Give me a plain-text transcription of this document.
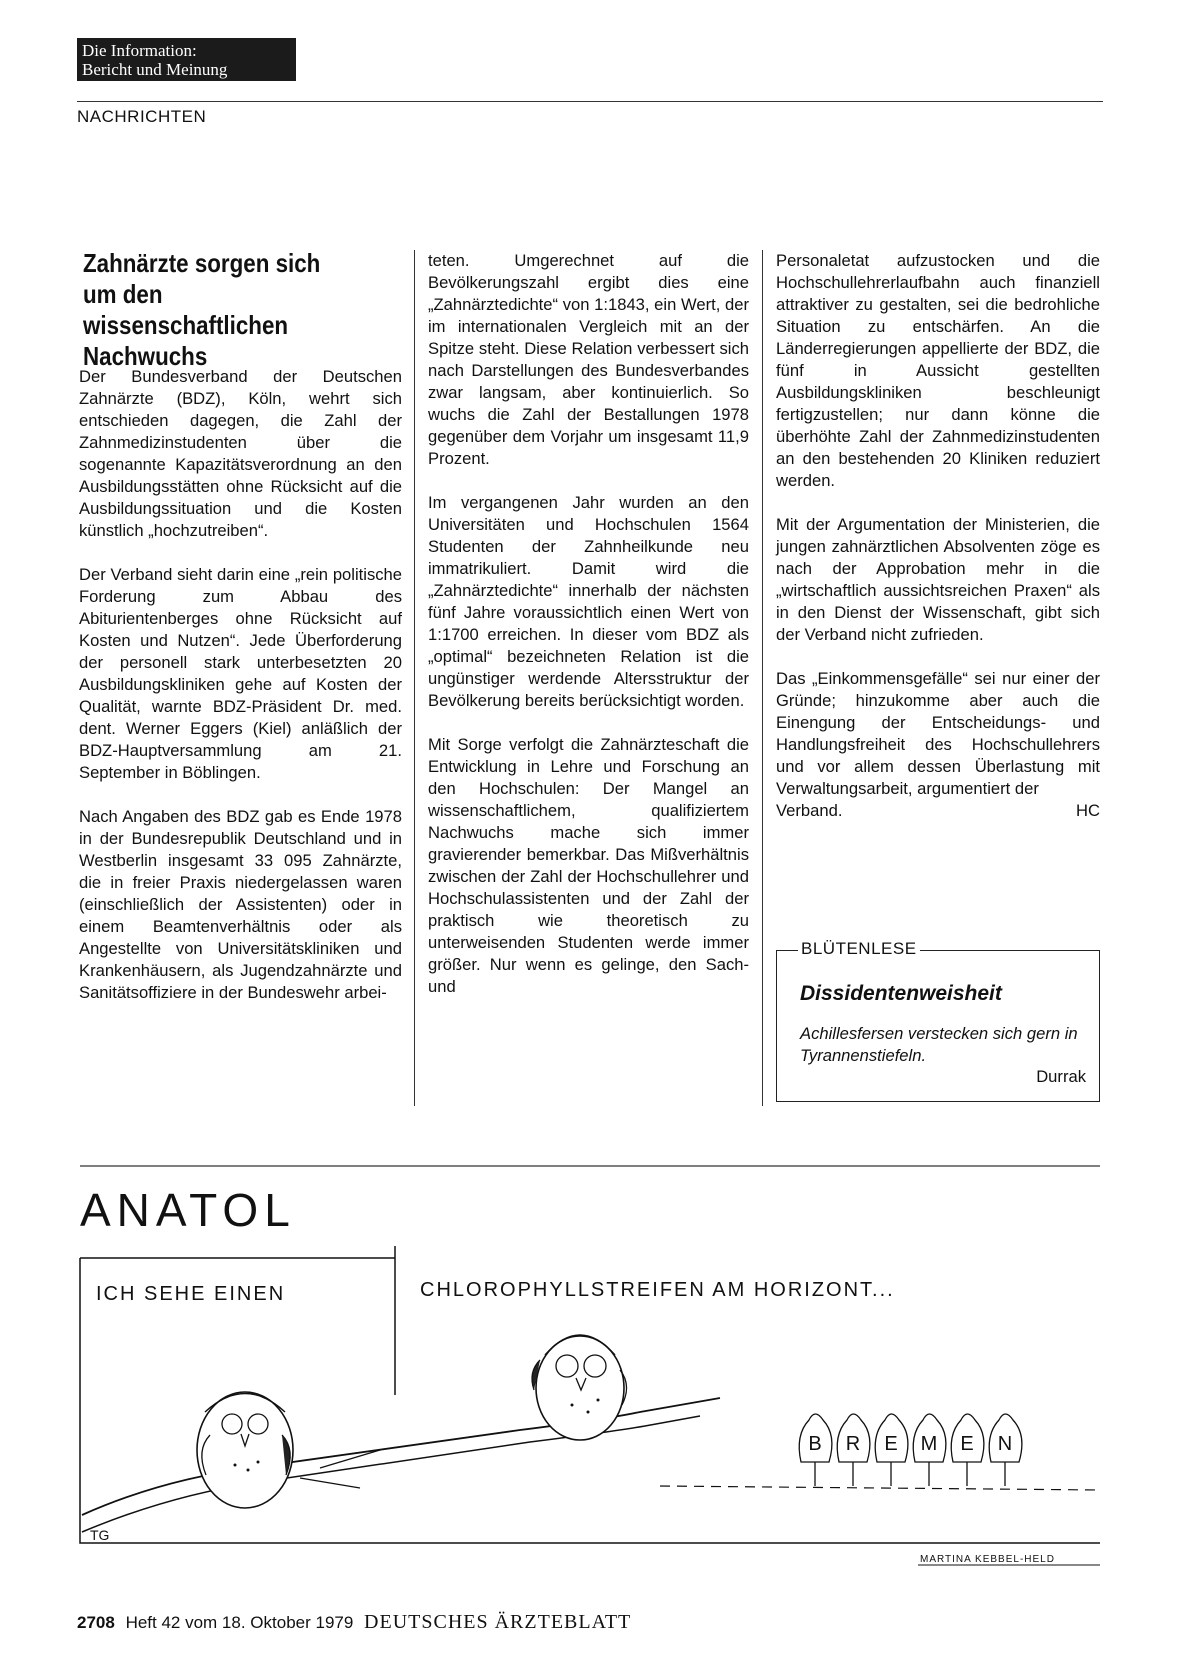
Die Information:
Bericht und Meinung
NACHRICHTEN
Zahnärzte sorgen sich
um den wissenschaftlichen
Nachwuchs

Der Bundesverband der Deutschen Zahnärzte (BDZ), Köln, wehrt sich entschieden dagegen, die Zahl der Zahnmedizinstudenten über die sogenannte Kapazitätsverordnung an den Ausbildungsstätten ohne Rücksicht auf die Ausbildungssituation und die Kosten künstlich „hochzutreiben“.

Der Verband sieht darin eine „rein politische Forderung zum Abbau des Abiturientenberges ohne Rücksicht auf Kosten und Nutzen“. Jede Überforderung der personell stark unterbesetzten 20 Ausbildungskliniken gehe auf Kosten der Qualität, warnte BDZ-Präsident Dr. med. dent. Werner Eggers (Kiel) anläßlich der BDZ-Hauptversammlung am 21. September in Böblingen.

Nach Angaben des BDZ gab es Ende 1978 in der Bundesrepublik Deutschland und in Westberlin insgesamt 33 095 Zahnärzte, die in freier Praxis niedergelassen waren (einschließlich der Assistenten) oder in einem Beamtenverhältnis oder als Angestellte von Universitätskliniken und Krankenhäusern, als Jugendzahnärzte und Sanitätsoffiziere in der Bundeswehr arbei-

teten. Umgerechnet auf die Bevölkerungszahl ergibt dies eine „Zahnärztedichte“ von 1:1843, ein Wert, der im internationalen Vergleich mit an der Spitze steht. Diese Relation verbessert sich nach Darstellungen des Bundesverbandes zwar langsam, aber kontinuierlich. So wuchs die Zahl der Bestallungen 1978 gegenüber dem Vorjahr um insgesamt 11,9 Prozent.

Im vergangenen Jahr wurden an den Universitäten und Hochschulen 1564 Studenten der Zahnheilkunde neu immatrikuliert. Damit wird die „Zahnärztedichte“ innerhalb der nächsten fünf Jahre voraussichtlich einen Wert von 1:1700 erreichen. In dieser vom BDZ als „optimal“ bezeichneten Relation ist die ungünstiger werdende Altersstruktur der Bevölkerung bereits berücksichtigt worden.

Mit Sorge verfolgt die Zahnärzteschaft die Entwicklung in Lehre und Forschung an den Hochschulen: Der Mangel an wissenschaftlichem, qualifiziertem Nachwuchs mache sich immer gravierender bemerkbar. Das Mißverhältnis zwischen der Zahl der Hochschullehrer und Hochschulassistenten und der Zahl der praktisch wie theoretisch zu unterweisenden Studenten werde immer größer. Nur wenn es gelinge, den Sach- und

Personaletat aufzustocken und die Hochschullehrerlaufbahn auch finanziell attraktiver zu gestalten, sei die bedrohliche Situation zu entschärfen. An die Länderregierungen appellierte der BDZ, die fünf in Aussicht gestellten Ausbildungskliniken beschleunigt fertigzustellen; nur dann könne die überhöhte Zahl der Zahnmedizinstudenten an den bestehenden 20 Kliniken reduziert werden.

Mit der Argumentation der Ministerien, die jungen zahnärztlichen Absolventen zöge es nach der Approbation mehr in die „wirtschaftlich aussichtsreichen Praxen“ als in den Dienst der Wissenschaft, gibt sich der Verband nicht zufrieden.

Das „Einkommensgefälle“ sei nur einer der Gründe; hinzukomme aber auch die Einengung der Entscheidungs- und Handlungsfreiheit des Hochschullehrers und vor allem dessen Überlastung mit Verwaltungsarbeit, argumentiert der

Verband.	HC
BLÜTENLESE
Dissidentenweisheit
Achillesfersen verstecken sich gern in Tyrannenstiefeln.
Durrak
ANATOL
ICH SEHE EINEN	CHLOROPHYLLSTREIFEN AM HORIZONT...
B R E M E N
TG
MARTINA KEBBEL-HELD
2708 Heft 42 vom 18. Oktober 1979 DEUTSCHES ÄRZTEBLATT
